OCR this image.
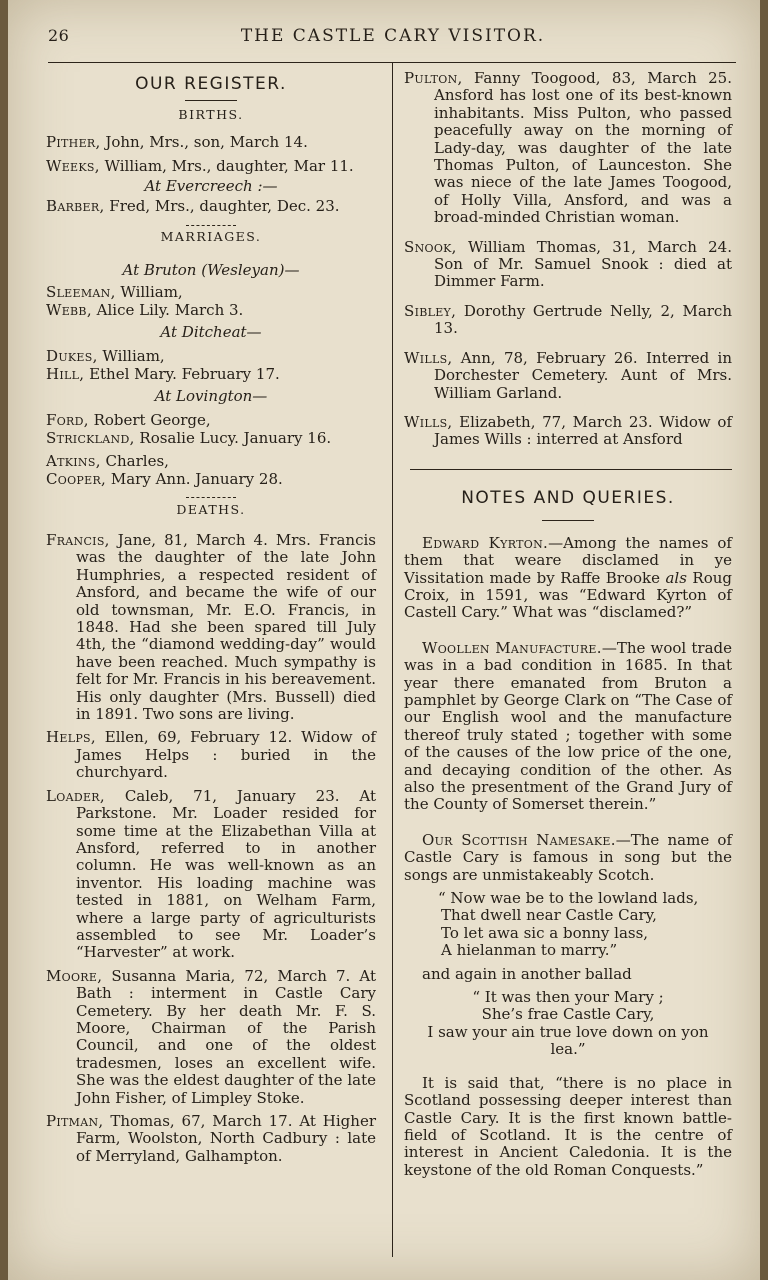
26	THE CASTLE CARY VISITOR.
OUR REGISTER.
BIRTHS.
Pither, John, Mrs., son, March 14.
Weeks, William, Mrs., daughter, Mar 11.
At Evercreech :—
Barber, Fred, Mrs., daughter, Dec. 23.
MARRIAGES.
At Bruton (Wesleyan)—
Sleeman, William,
Webb, Alice Lily. March 3.
At Ditcheat—
Dukes, William,
Hill, Ethel Mary. February 17.
At Lovington—
Ford, Robert George,
Strickland, Rosalie Lucy. January 16.
Atkins, Charles,
Cooper, Mary Ann. January 28.
DEATHS.

Francis, Jane, 81, March 4. Mrs. Francis was the daughter of the late John Humphries, a respected resident of Ansford, and became the wife of our old townsman, Mr. E.O. Francis, in 1848. Had she been spared till July 4th, the “diamond wedding-day” would have been reached. Much sympathy is felt for Mr. Francis in his bereavement. His only daughter (Mrs. Bussell) died in 1891. Two sons are living.

Helps, Ellen, 69, February 12. Widow of James Helps : buried in the churchyard.

Loader, Caleb, 71, January 23. At Parkstone. Mr. Loader resided for some time at the Elizabethan Villa at Ansford, referred to in another column. He was well-known as an inventor. His loading machine was tested in 1881, on Welham Farm, where a large party of agriculturists assembled to see Mr. Loader’s “Harvester” at work.

Moore, Susanna Maria, 72, March 7. At Bath : interment in Castle Cary Cemetery. By her death Mr. F. S. Moore, Chairman of the Parish Council, and one of the oldest tradesmen, loses an excellent wife. She was the eldest daughter of the late John Fisher, of Limpley Stoke.

Pitman, Thomas, 67, March 17. At Higher Farm, Woolston, North Cadbury : late of Merryland, Galhampton.

Pulton, Fanny Toogood, 83, March 25. Ansford has lost one of its best-known inhabitants. Miss Pulton, who passed peacefully away on the morning of Lady-day, was daughter of the late Thomas Pulton, of Launceston. She was niece of the late James Toogood, of Holly Villa, Ansford, and was a broad-minded Christian woman.

Snook, William Thomas, 31, March 24. Son of Mr. Samuel Snook : died at Dimmer Farm.

Sibley, Dorothy Gertrude Nelly, 2, March 13.

Wills, Ann, 78, February 26. Interred in Dorchester Cemetery. Aunt of Mrs. William Garland.

Wills, Elizabeth, 77, March 23. Widow of James Wills : interred at Ansford

NOTES AND QUERIES.

Edward Kyrton.—Among the names of them that weare disclamed in ye Vissitation made by Raffe Brooke als Roug Croix, in 1591, was “Edward Kyrton of Castell Cary.” What was “disclamed?”

Woollen Manufacture.—The wool trade was in a bad condition in 1685. In that year there emanated from Bruton a pamphlet by George Clark on “The Case of our English wool and the manufacture thereof truly stated ; together with some of the causes of the low price of the one, and decaying condition of the other. As also the presentment of the Grand Jury of the County of Somerset therein.”

Our Scottish Namesake.—The name of Castle Cary is famous in song but the songs are unmistakeably Scotch.

“ Now wae be to the lowland lads,
That dwell near Castle Cary,
To let awa sic a bonny lass,
A hielanman to marry.”
and again in another ballad
“ It was then your Mary ;
She’s frae Castle Cary,
I saw your ain true love down on yon
lea.”

It is said that, “there is no place in Scotland possessing deeper interest than Castle Cary. It is the first known battle-field of Scotland. It is the centre of interest in Ancient Caledonia. It is the keystone of the old Roman Conquests.”
